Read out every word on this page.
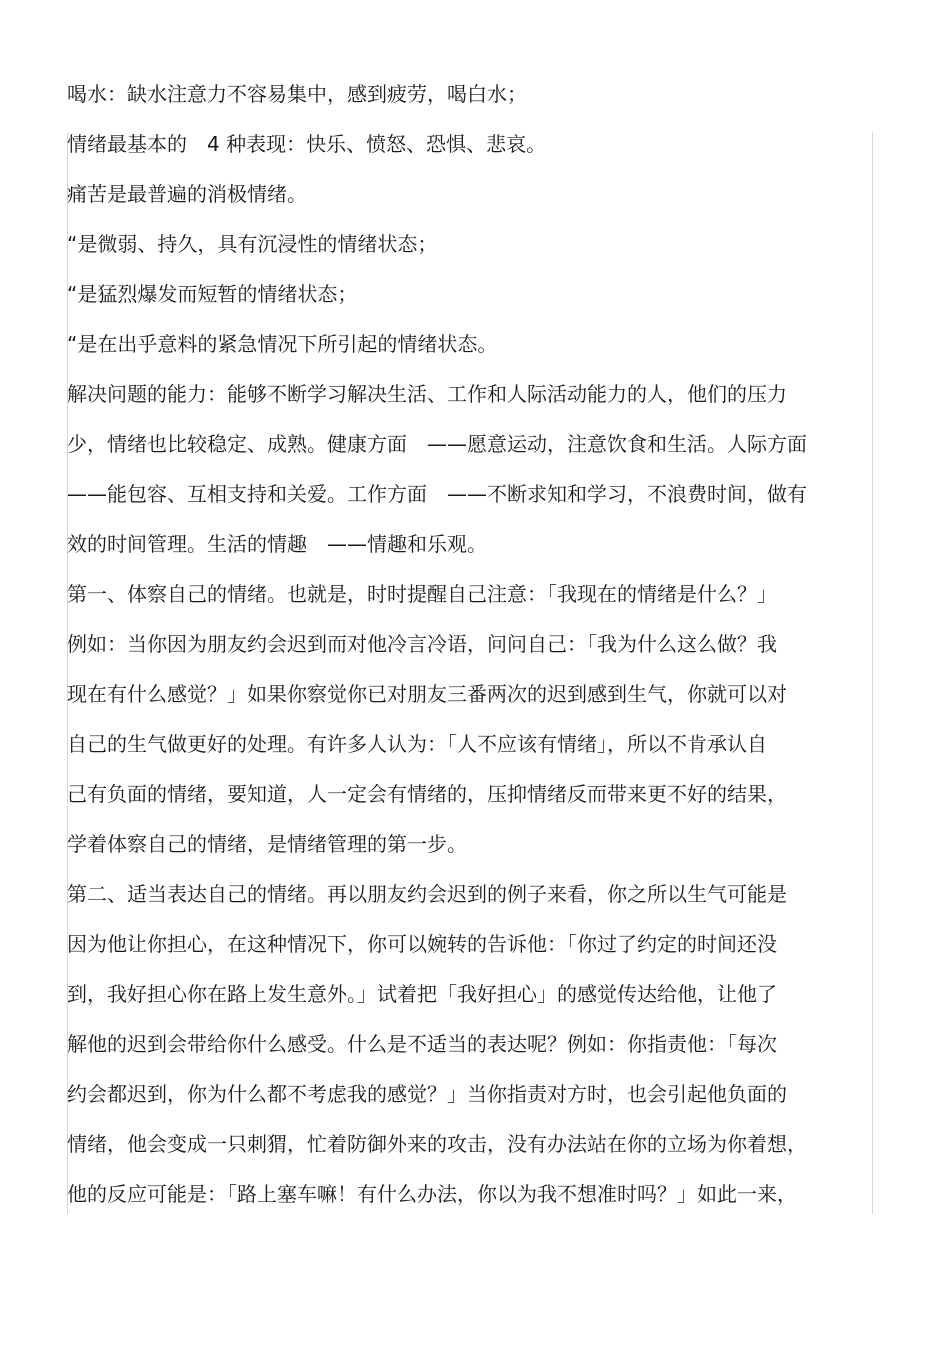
喝水：缺水注意力不容易集中，感到疲劳，喝白水；
情绪最基本的　4 种表现：快乐、愤怒、恐惧、悲哀。
痛苦是最普遍的消极情绪。
“是微弱、持久，具有沉浸性的情绪状态；
“是猛烈爆发而短暂的情绪状态；
“是在出乎意料的紧急情况下所引起的情绪状态。
解决问题的能力：能够不断学习解决生活、工作和人际活动能力的人，他们的压力
少，情绪也比较稳定、成熟。健康方面　——愿意运动，注意饮食和生活。人际方面
——能包容、互相支持和关爱。工作方面　——不断求知和学习，不浪费时间，做有
效的时间管理。生活的情趣　——情趣和乐观。
第一、体察自己的情绪。也就是，时时提醒自己注意：「我现在的情绪是什么？」
例如：当你因为朋友约会迟到而对他冷言冷语，问问自己：「我为什么这么做？我
现在有什么感觉？」如果你察觉你已对朋友三番两次的迟到感到生气，你就可以对
自己的生气做更好的处理。有许多人认为：「人不应该有情绪」，所以不肯承认自
己有负面的情绪，要知道，人一定会有情绪的，压抑情绪反而带来更不好的结果，
学着体察自己的情绪，是情绪管理的第一步。
第二、适当表达自己的情绪。再以朋友约会迟到的例子来看，你之所以生气可能是
因为他让你担心，在这种情况下，你可以婉转的告诉他：「你过了约定的时间还没
到，我好担心你在路上发生意外。」试着把「我好担心」的感觉传达给他，让他了
解他的迟到会带给你什么感受。什么是不适当的表达呢？例如：你指责他：「每次
约会都迟到，你为什么都不考虑我的感觉？」当你指责对方时，也会引起他负面的
情绪，他会变成一只刺猬，忙着防御外来的攻击，没有办法站在你的立场为你着想，
他的反应可能是：「路上塞车嘛！有什么办法，你以为我不想准时吗？」如此一来，
